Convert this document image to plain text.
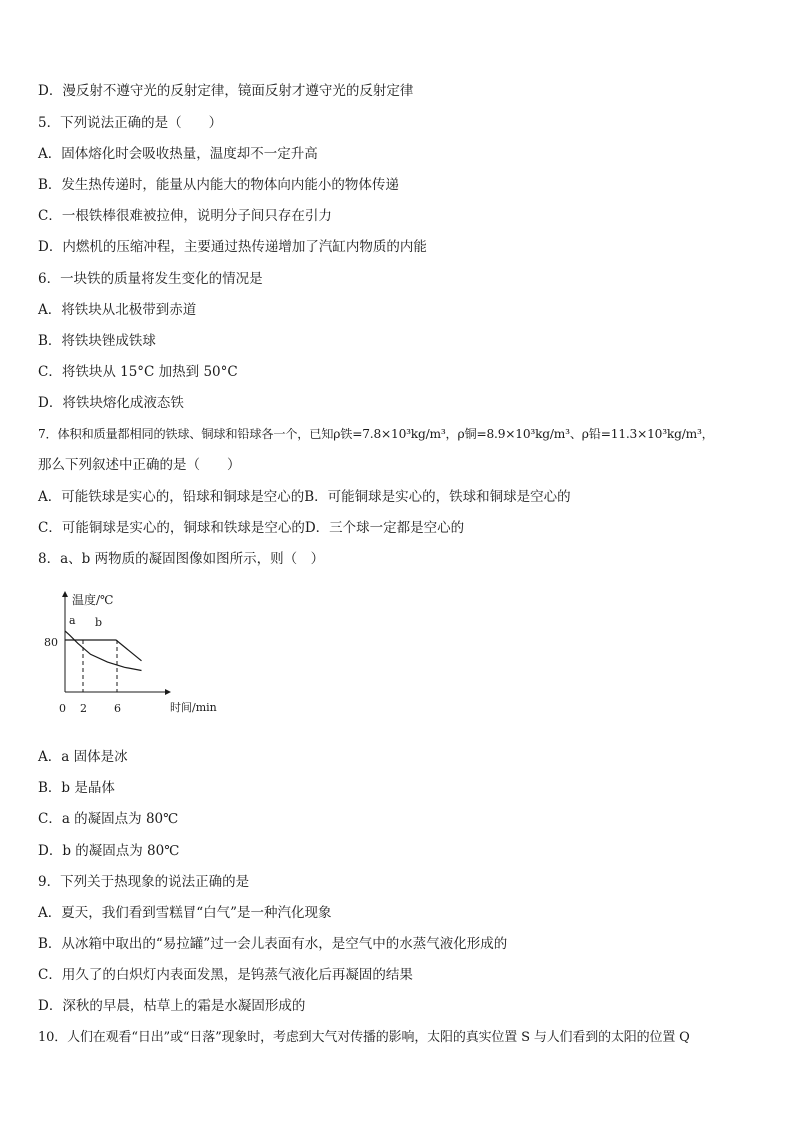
D．漫反射不遵守光的反射定律，镜面反射才遵守光的反射定律
5．下列说法正确的是（　　）
A．固体熔化时会吸收热量，温度却不一定升高
B．发生热传递时，能量从内能大的物体向内能小的物体传递
C．一根铁棒很难被拉伸，说明分子间只存在引力
D．内燃机的压缩冲程，主要通过热传递增加了汽缸内物质的内能
6．一块铁的质量将发生变化的情况是
A．将铁块从北极带到赤道
B．将铁块锉成铁球
C．将铁块从 15°C 加热到 50°C
D．将铁块熔化成液态铁
7．体积和质量都相同的铁球、铜球和铅球各一个，已知ρ铁=7.8×10³kg/m³，ρ铜=8.9×10³kg/m³、ρ铅=11.3×10³kg/m³，
那么下列叙述中正确的是（　　）
A．可能铁球是实心的，铅球和铜球是空心的B．可能铜球是实心的，铁球和铜球是空心的
C．可能铜球是实心的，铜球和铁球是空心的D．三个球一定都是空心的
8．a、b 两物质的凝固图像如图所示，则（　）
温度/℃
时间/min
80
0 2 6
a b
A．a 固体是冰
B．b 是晶体
C．a 的凝固点为 80℃
D．b 的凝固点为 80℃
9．下列关于热现象的说法正确的是
A．夏天，我们看到雪糕冒“白气”是一种汽化现象
B．从冰箱中取出的“易拉罐”过一会儿表面有水，是空气中的水蒸气液化形成的
C．用久了的白炽灯内表面发黑，是钨蒸气液化后再凝固的结果
D．深秋的早晨，枯草上的霜是水凝固形成的
10．人们在观看“日出”或“日落”现象时，考虑到大气对传播的影响，太阳的真实位置 S 与人们看到的太阳的位置 Q
